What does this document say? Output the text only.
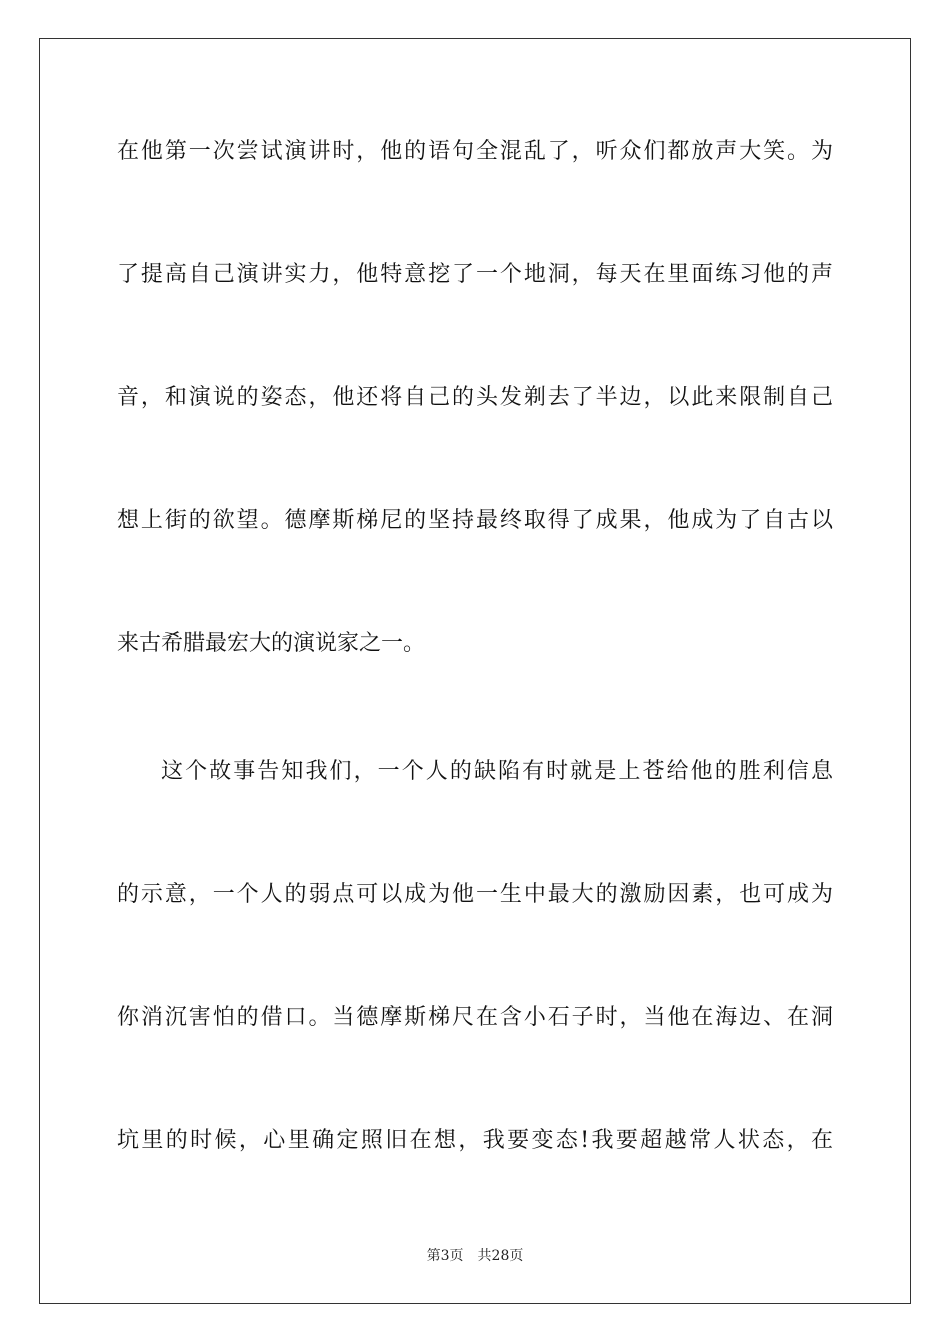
在他第一次尝试演讲时，他的语句全混乱了，听众们都放声大笑。为
了提高自己演讲实力，他特意挖了一个地洞，每天在里面练习他的声
音，和演说的姿态，他还将自己的头发剃去了半边，以此来限制自己
想上街的欲望。德摩斯梯尼的坚持最终取得了成果，他成为了自古以
来古希腊最宏大的演说家之一。
这个故事告知我们，一个人的缺陷有时就是上苍给他的胜利信息
的示意，一个人的弱点可以成为他一生中最大的激励因素，也可成为
你消沉害怕的借口。当德摩斯梯尺在含小石子时，当他在海边、在洞
坑里的时候，心里确定照旧在想，我要变态!我要超越常人状态，在
第3页 共28页
